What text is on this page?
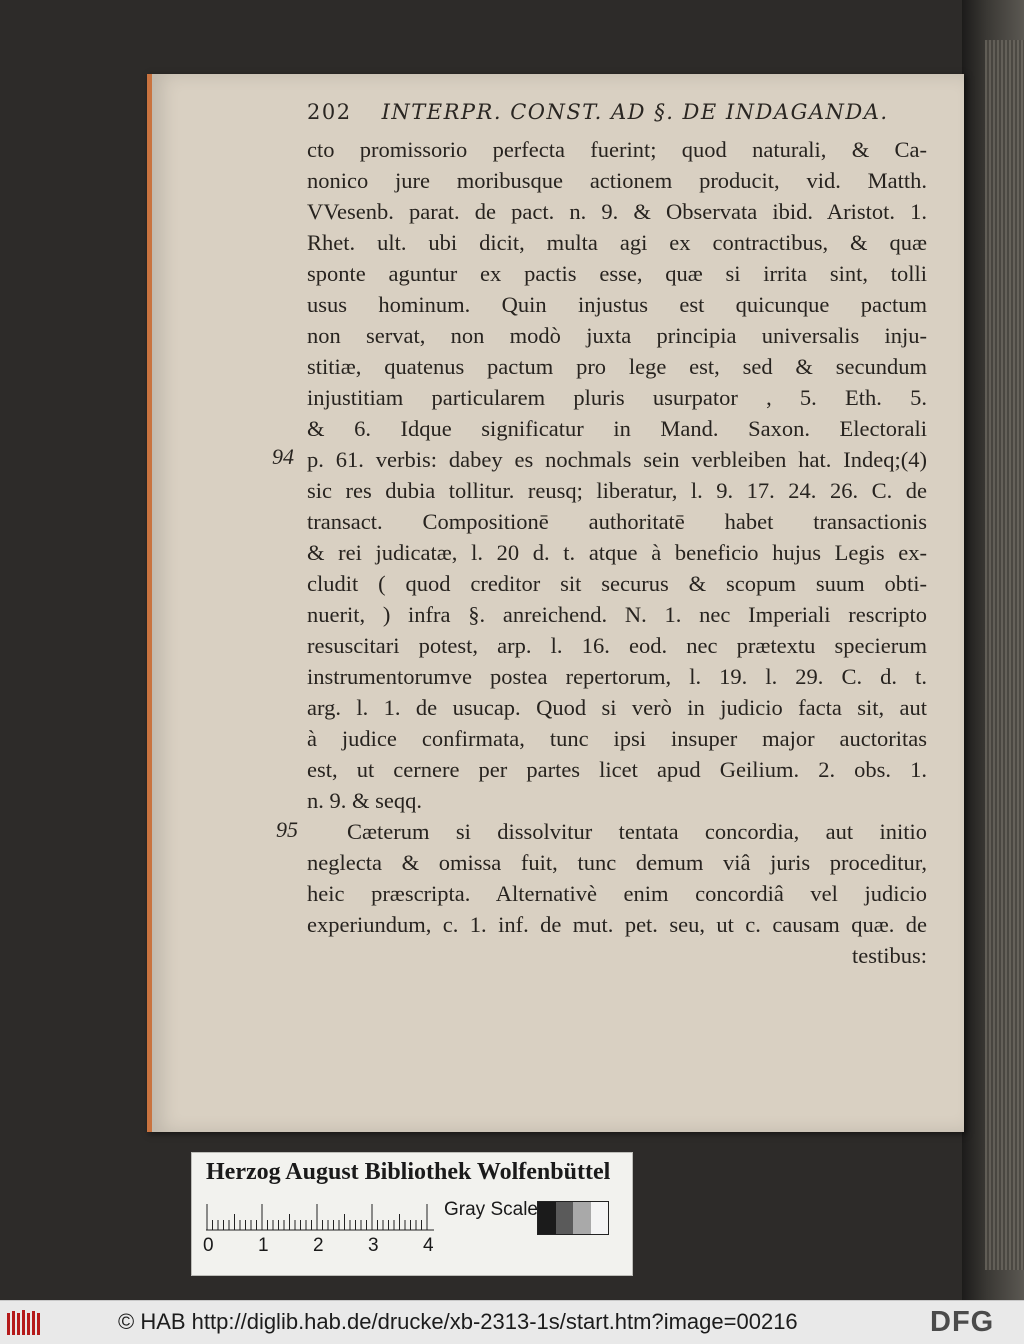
202 INTERPR. CONST. AD §. DE INDAGANDA.
94
95
cto promissorio perfecta fuerint; quod naturali, & Ca-
nonico jure moribusque actionem producit, vid. Matth.
VVesenb. parat. de pact. n. 9. & Observata ibid. Aristot. 1.
Rhet. ult. ubi dicit, multa agi ex contractibus, & quæ
sponte aguntur ex pactis esse, quæ si irrita sint, tolli
usus hominum. Quin injustus est quicunque pactum
non servat, non modò juxta principia universalis inju-
stitiæ, quatenus pactum pro lege est, sed & secundum
injustitiam particularem pluris usurpator , 5. Eth. 5.
& 6. Idque significatur in Mand. Saxon. Electorali
p. 61. verbis: dabey es nochmals sein verbleiben hat. Indeq;(4)
sic res dubia tollitur. reusq; liberatur, l. 9. 17. 24. 26. C. de
transact. Compositionē authoritatē habet transactionis
& rei judicatæ, l. 20 d. t. atque à beneficio hujus Legis ex-
cludit ( quod creditor sit securus & scopum suum obti-
nuerit, ) infra §. anreichend. N. 1. nec Imperiali rescripto
resuscitari potest, arp. l. 16. eod. nec prætextu specierum
instrumentorumve postea repertorum, l. 19. l. 29. C. d. t.
arg. l. 1. de usucap. Quod si verò in judicio facta sit, aut
à judice confirmata, tunc ipsi insuper major auctoritas
est, ut cernere per partes licet apud Geilium. 2. obs. 1.
n. 9. & seqq.
Cæterum si dissolvitur tentata concordia, aut initio
neglecta & omissa fuit, tunc demum viâ juris proceditur,
heic præscripta. Alternativè enim concordiâ vel judicio
experiundum, c. 1. inf. de mut. pet. seu, ut c. causam quæ. de
testibus:
Herzog August Bibliothek Wolfenbüttel
0 1 2 3 4
Gray Scale
© HAB http://diglib.hab.de/drucke/xb-2313-1s/start.htm?image=00216	DFG
